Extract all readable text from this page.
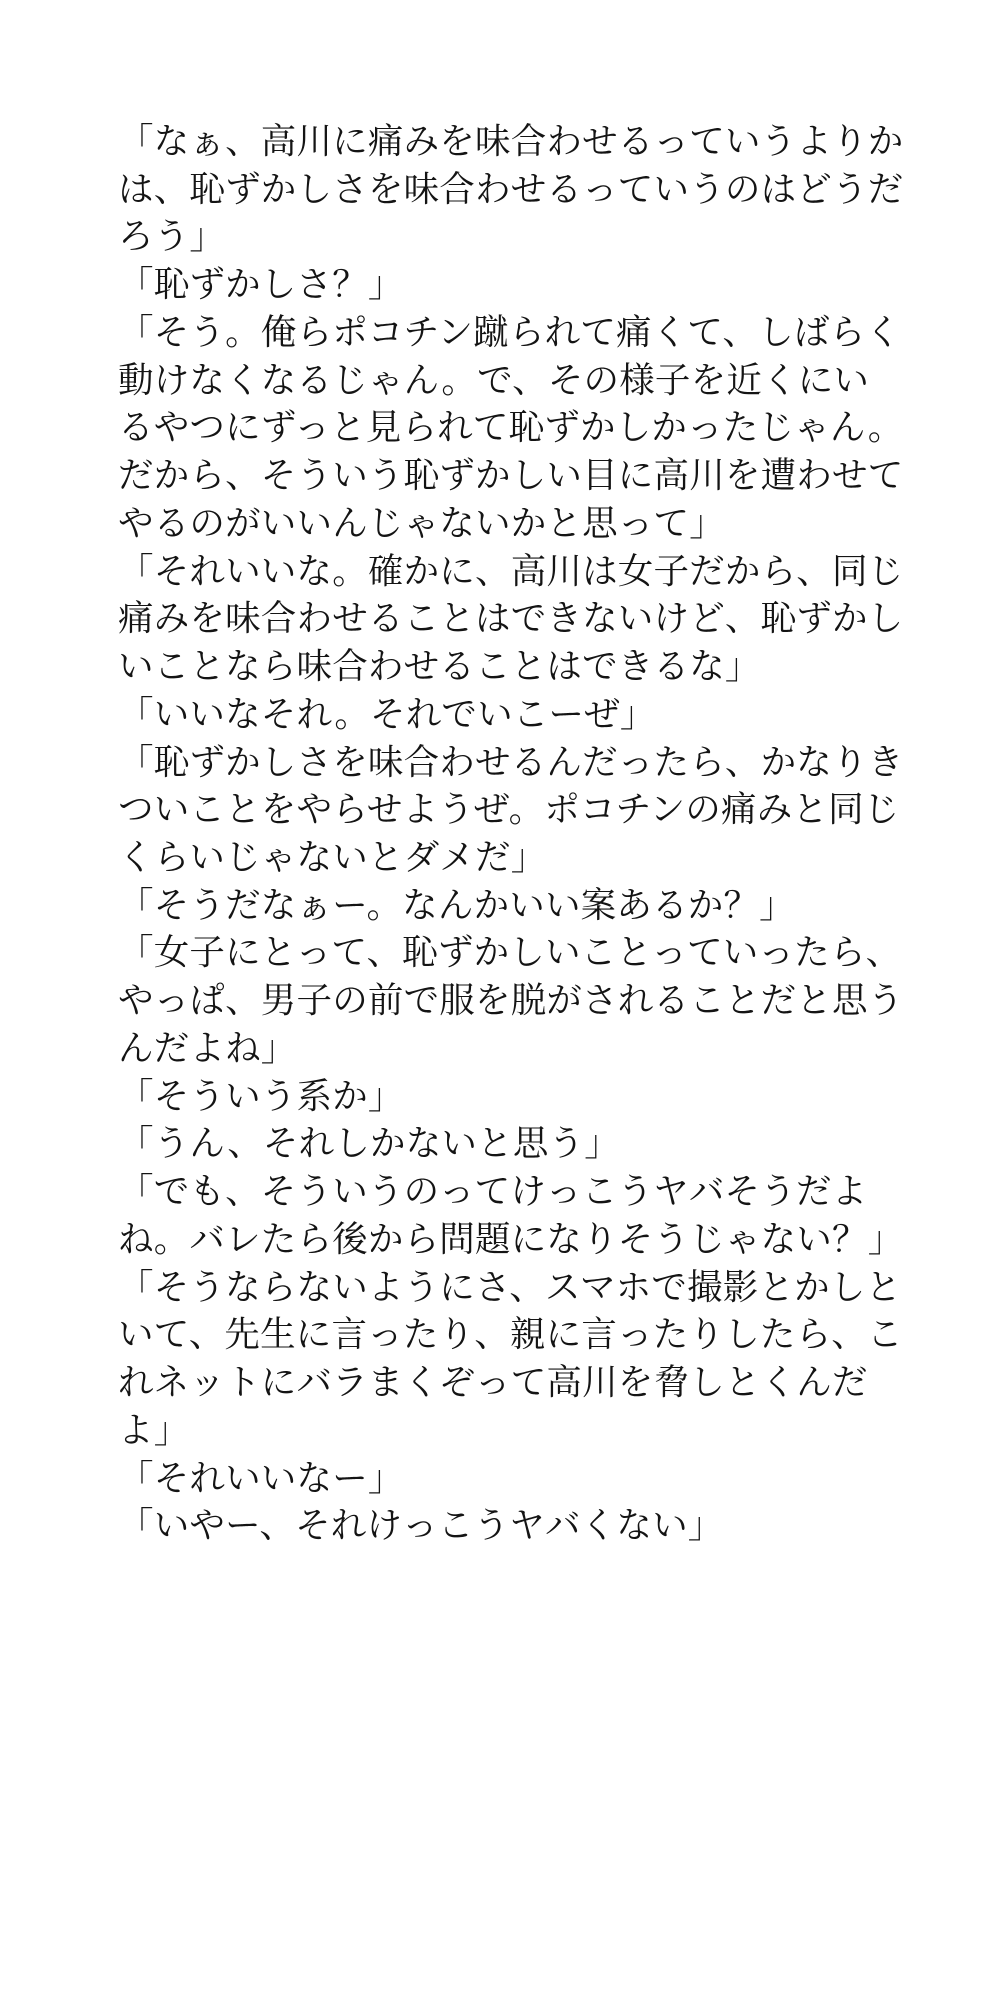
「なぁ、高川に痛みを味合わせるっていうよりかは、恥ずかしさを味合わせるっていうのはどうだろう」

「恥ずかしさ？」

「そう。俺らポコチン蹴られて痛くて、しばらく動けなくなるじゃん。で、その様子を近くにいるやつにずっと見られて恥ずかしかったじゃん。だから、そういう恥ずかしい目に高川を遭わせてやるのがいいんじゃないかと思って」

「それいいな。確かに、高川は女子だから、同じ痛みを味合わせることはできないけど、恥ずかしいことなら味合わせることはできるな」

「いいなそれ。それでいこーぜ」

「恥ずかしさを味合わせるんだったら、かなりきついことをやらせようぜ。ポコチンの痛みと同じくらいじゃないとダメだ」

「そうだなぁー。なんかいい案あるか？」

「女子にとって、恥ずかしいことっていったら、やっぱ、男子の前で服を脱がされることだと思うんだよね」

「そういう系か」

「うん、それしかないと思う」

「でも、そういうのってけっこうヤバそうだよね。バレたら後から問題になりそうじゃない？」

「そうならないようにさ、スマホで撮影とかしといて、先生に言ったり、親に言ったりしたら、これネットにバラまくぞって高川を脅しとくんだよ」

「それいいなー」

「いやー、それけっこうヤバくない」
